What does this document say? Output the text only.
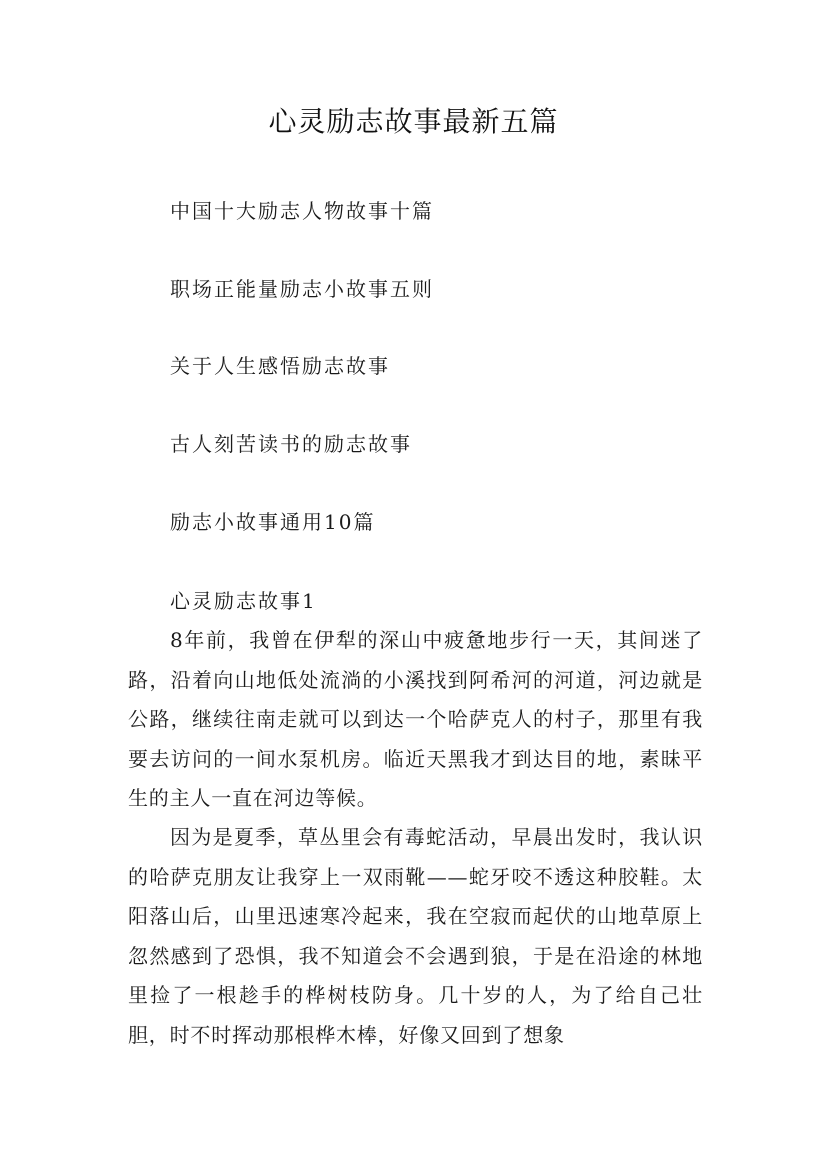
心灵励志故事最新五篇
中国十大励志人物故事十篇
职场正能量励志小故事五则
关于人生感悟励志故事
古人刻苦读书的励志故事
励志小故事通用10篇
心灵励志故事1

8年前，我曾在伊犁的深山中疲惫地步行一天，其间迷了路，沿着向山地低处流淌的小溪找到阿希河的河道，河边就是公路，继续往南走就可以到达一个哈萨克人的村子，那里有我要去访问的一间水泵机房。临近天黑我才到达目的地，素昧平生的主人一直在河边等候。

因为是夏季，草丛里会有毒蛇活动，早晨出发时，我认识的哈萨克朋友让我穿上一双雨靴——蛇牙咬不透这种胶鞋。太阳落山后，山里迅速寒冷起来，我在空寂而起伏的山地草原上忽然感到了恐惧，我不知道会不会遇到狼，于是在沿途的林地里捡了一根趁手的桦树枝防身。几十岁的人，为了给自己壮胆，时不时挥动那根桦木棒，好像又回到了想象
